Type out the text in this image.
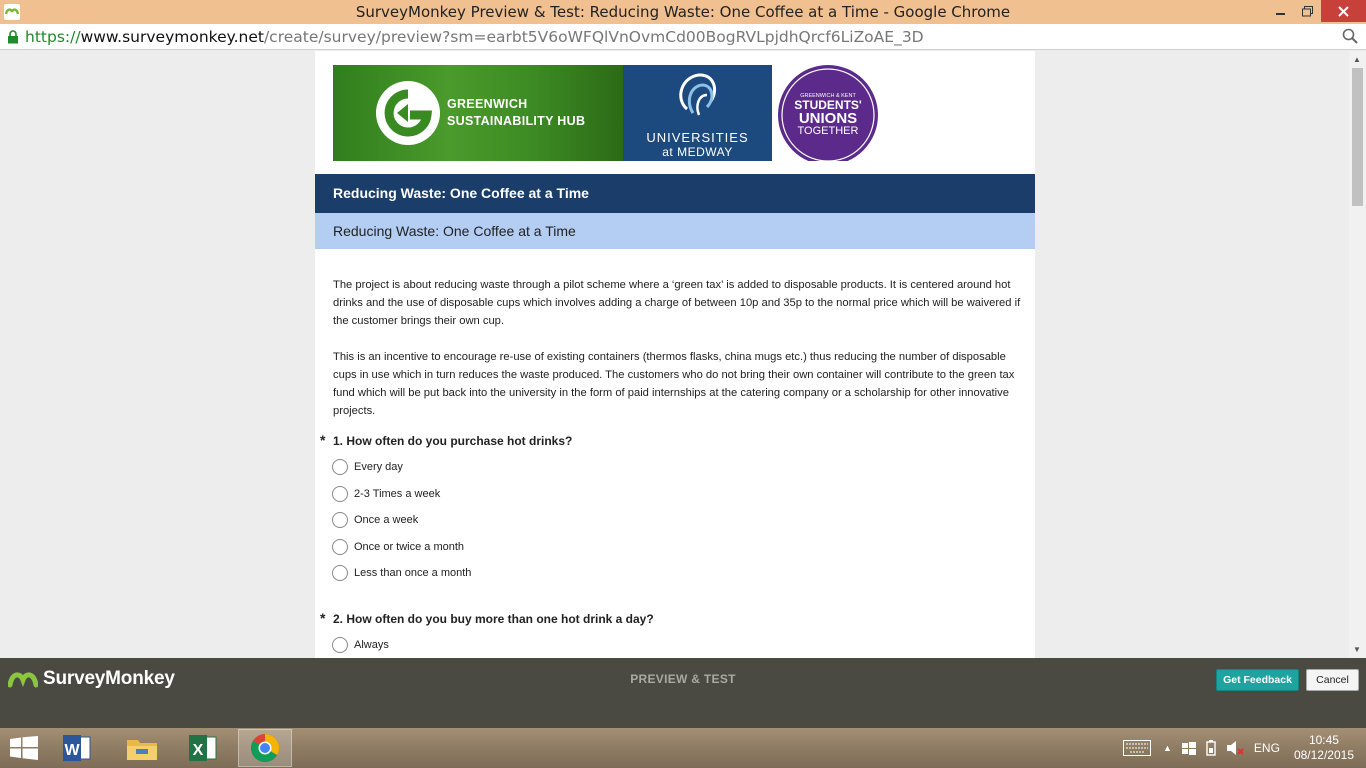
SurveyMonkey Preview & Test: Reducing Waste: One Coffee at a Time - Google Chrome
https://www.surveymonkey.net/create/survey/preview?sm=earbt5V6oWFQlVnOvmCd00BogRVLpjdhQrcf6LiZoAE_3D
GREENWICH
SUSTAINABILITY HUB
UNIVERSITIES
at MEDWAY
GREENWICH & KENT
STUDENTS'
UNIONS
TOGETHER
Reducing Waste: One Coffee at a Time
Reducing Waste: One Coffee at a Time

The project is about reducing waste through a pilot scheme where a ‘green tax’ is added to disposable products. It is centered around hot drinks and the use of disposable cups which involves adding a charge of between 10p and 35p to the normal price which will be waivered if the customer brings their own cup.

This is an incentive to encourage re-use of existing containers (thermos flasks, china mugs etc.) thus reducing the number of disposable cups in use which in turn reduces the waste produced. The customers who do not bring their own container will contribute to the green tax fund which will be put back into the university in the form of paid internships at the catering company or a scholarship for other innovative projects.

* 1. How often do you purchase hot drinks?
Every day
2-3 Times a week
Once a week
Once or twice a month
Less than once a month
* 2. How often do you buy more than one hot drink a day?
Always
▲
▼
SurveyMonkey	PREVIEW & TEST	Get Feedback	Cancel
W	X	▲	ENG
10:45
08/12/2015
